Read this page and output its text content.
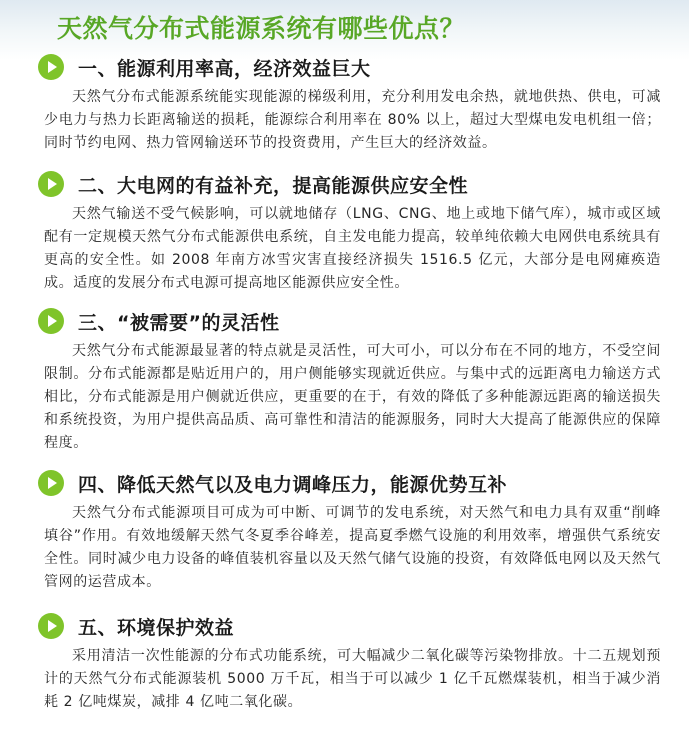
天然气分布式能源系统有哪些优点？
一、能源利用率高，经济效益巨大
天然气分布式能源系统能实现能源的梯级利用，充分利用发电余热，就地供热、供电，可减少电力与热力长距离输送的损耗，能源综合利用率在 80% 以上，超过大型煤电发电机组一倍；同时节约电网、热力管网输送环节的投资费用，产生巨大的经济效益。
二、大电网的有益补充，提高能源供应安全性
天然气输送不受气候影响，可以就地储存（LNG、CNG、地上或地下储气库），城市或区域配有一定规模天然气分布式能源供电系统，自主发电能力提高，较单纯依赖大电网供电系统具有更高的安全性。如 2008 年南方冰雪灾害直接经济损失 1516.5 亿元，大部分是电网瘫痪造成。适度的发展分布式电源可提高地区能源供应安全性。
三、“被需要”的灵活性
天然气分布式能源最显著的特点就是灵活性，可大可小，可以分布在不同的地方，不受空间限制。分布式能源都是贴近用户的，用户侧能够实现就近供应。与集中式的远距离电力输送方式相比，分布式能源是用户侧就近供应，更重要的在于，有效的降低了多种能源远距离的输送损失和系统投资，为用户提供高品质、高可靠性和清洁的能源服务，同时大大提高了能源供应的保障程度。
四、降低天然气以及电力调峰压力，能源优势互补
天然气分布式能源项目可成为可中断、可调节的发电系统，对天然气和电力具有双重“削峰填谷”作用。有效地缓解天然气冬夏季谷峰差，提高夏季燃气设施的利用效率，增强供气系统安全性。同时减少电力设备的峰值装机容量以及天然气储气设施的投资，有效降低电网以及天然气管网的运营成本。
五、环境保护效益
采用清洁一次性能源的分布式功能系统，可大幅减少二氧化碳等污染物排放。十二五规划预计的天然气分布式能源装机 5000 万千瓦，相当于可以减少 1 亿千瓦燃煤装机，相当于减少消耗 2 亿吨煤炭，减排 4 亿吨二氧化碳。
